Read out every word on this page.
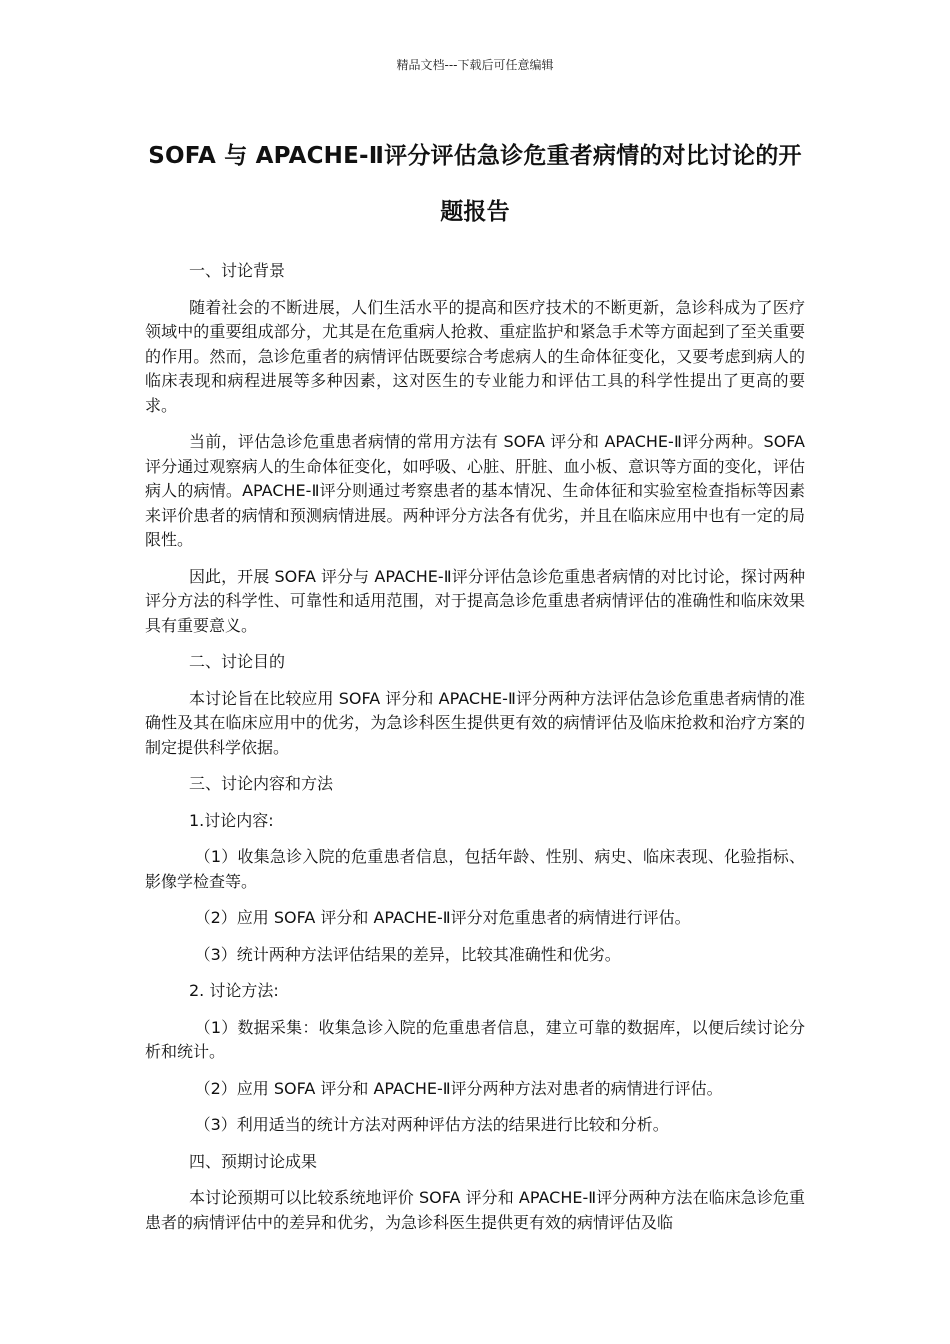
精品文档---下载后可任意编辑
SOFA 与 APACHE-Ⅱ评分评估急诊危重者病情的对比讨论的开题报告

一、讨论背景

随着社会的不断进展，人们生活水平的提高和医疗技术的不断更新，急诊科成为了医疗领域中的重要组成部分，尤其是在危重病人抢救、重症监护和紧急手术等方面起到了至关重要的作用。然而，急诊危重者的病情评估既要综合考虑病人的生命体征变化，又要考虑到病人的临床表现和病程进展等多种因素，这对医生的专业能力和评估工具的科学性提出了更高的要求。

当前，评估急诊危重患者病情的常用方法有 SOFA 评分和 APACHE-Ⅱ评分两种。SOFA 评分通过观察病人的生命体征变化，如呼吸、心脏、肝脏、血小板、意识等方面的变化，评估病人的病情。APACHE-Ⅱ评分则通过考察患者的基本情况、生命体征和实验室检查指标等因素来评价患者的病情和预测病情进展。两种评分方法各有优劣，并且在临床应用中也有一定的局限性。

因此，开展 SOFA 评分与 APACHE-Ⅱ评分评估急诊危重患者病情的对比讨论，探讨两种评分方法的科学性、可靠性和适用范围，对于提高急诊危重患者病情评估的准确性和临床效果具有重要意义。

二、讨论目的

本讨论旨在比较应用 SOFA 评分和 APACHE-Ⅱ评分两种方法评估急诊危重患者病情的准确性及其在临床应用中的优劣，为急诊科医生提供更有效的病情评估及临床抢救和治疗方案的制定提供科学依据。

三、讨论内容和方法

1.讨论内容:

（1）收集急诊入院的危重患者信息，包括年龄、性别、病史、临床表现、化验指标、影像学检查等。

（2）应用 SOFA 评分和 APACHE-Ⅱ评分对危重患者的病情进行评估。

（3）统计两种方法评估结果的差异，比较其准确性和优劣。

2. 讨论方法:

（1）数据采集：收集急诊入院的危重患者信息，建立可靠的数据库，以便后续讨论分析和统计。

（2）应用 SOFA 评分和 APACHE-Ⅱ评分两种方法对患者的病情进行评估。

（3）利用适当的统计方法对两种评估方法的结果进行比较和分析。

四、预期讨论成果

本讨论预期可以比较系统地评价 SOFA 评分和 APACHE-Ⅱ评分两种方法在临床急诊危重患者的病情评估中的差异和优劣，为急诊科医生提供更有效的病情评估及临
